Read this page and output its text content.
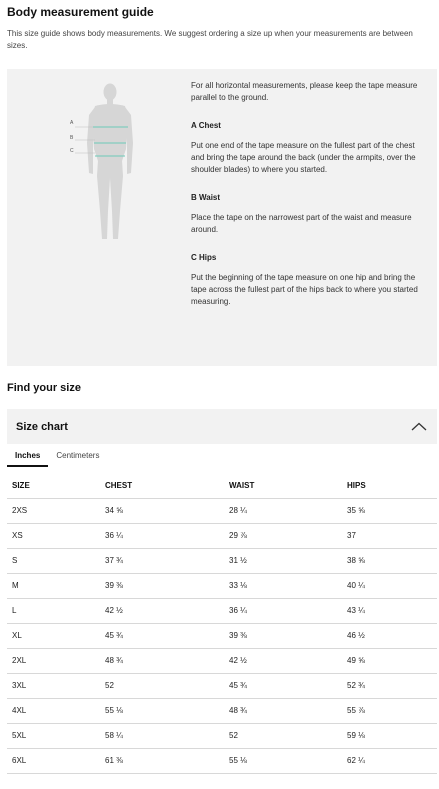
Body measurement guide
This size guide shows body measurements. We suggest ordering a size up when your measurements are between sizes.
A
B
C

For all horizontal measurements, please keep the tape measure parallel to the ground.

A Chest

Put one end of the tape measure on the fullest part of the chest and bring the tape around the back (under the armpits, over the shoulder blades) to where you started.

B Waist

Place the tape on the narrowest part of the waist and measure around.

C Hips

Put the beginning of the tape measure on one hip and bring the tape across the fullest part of the hips back to where you started measuring.

Find your size
Size chart
Inches	Centimeters
SIZE	CHEST	WAIST	HIPS
2XS	34 ⅝	28 ¼	35 ⅝
XS	36 ¼	29 ⅞	37
S	37 ¾	31 ½	38 ⅝
M	39 ⅜	33 ⅛	40 ¼
L	42 ½	36 ¼	43 ¼
XL	45 ¾	39 ⅜	46 ½
2XL	48 ¾	42 ½	49 ⅝
3XL	52	45 ¾	52 ¾
4XL	55 ⅛	48 ¾	55 ⅞
5XL	58 ¼	52	59 ⅛
6XL	61 ⅜	55 ⅛	62 ¼
